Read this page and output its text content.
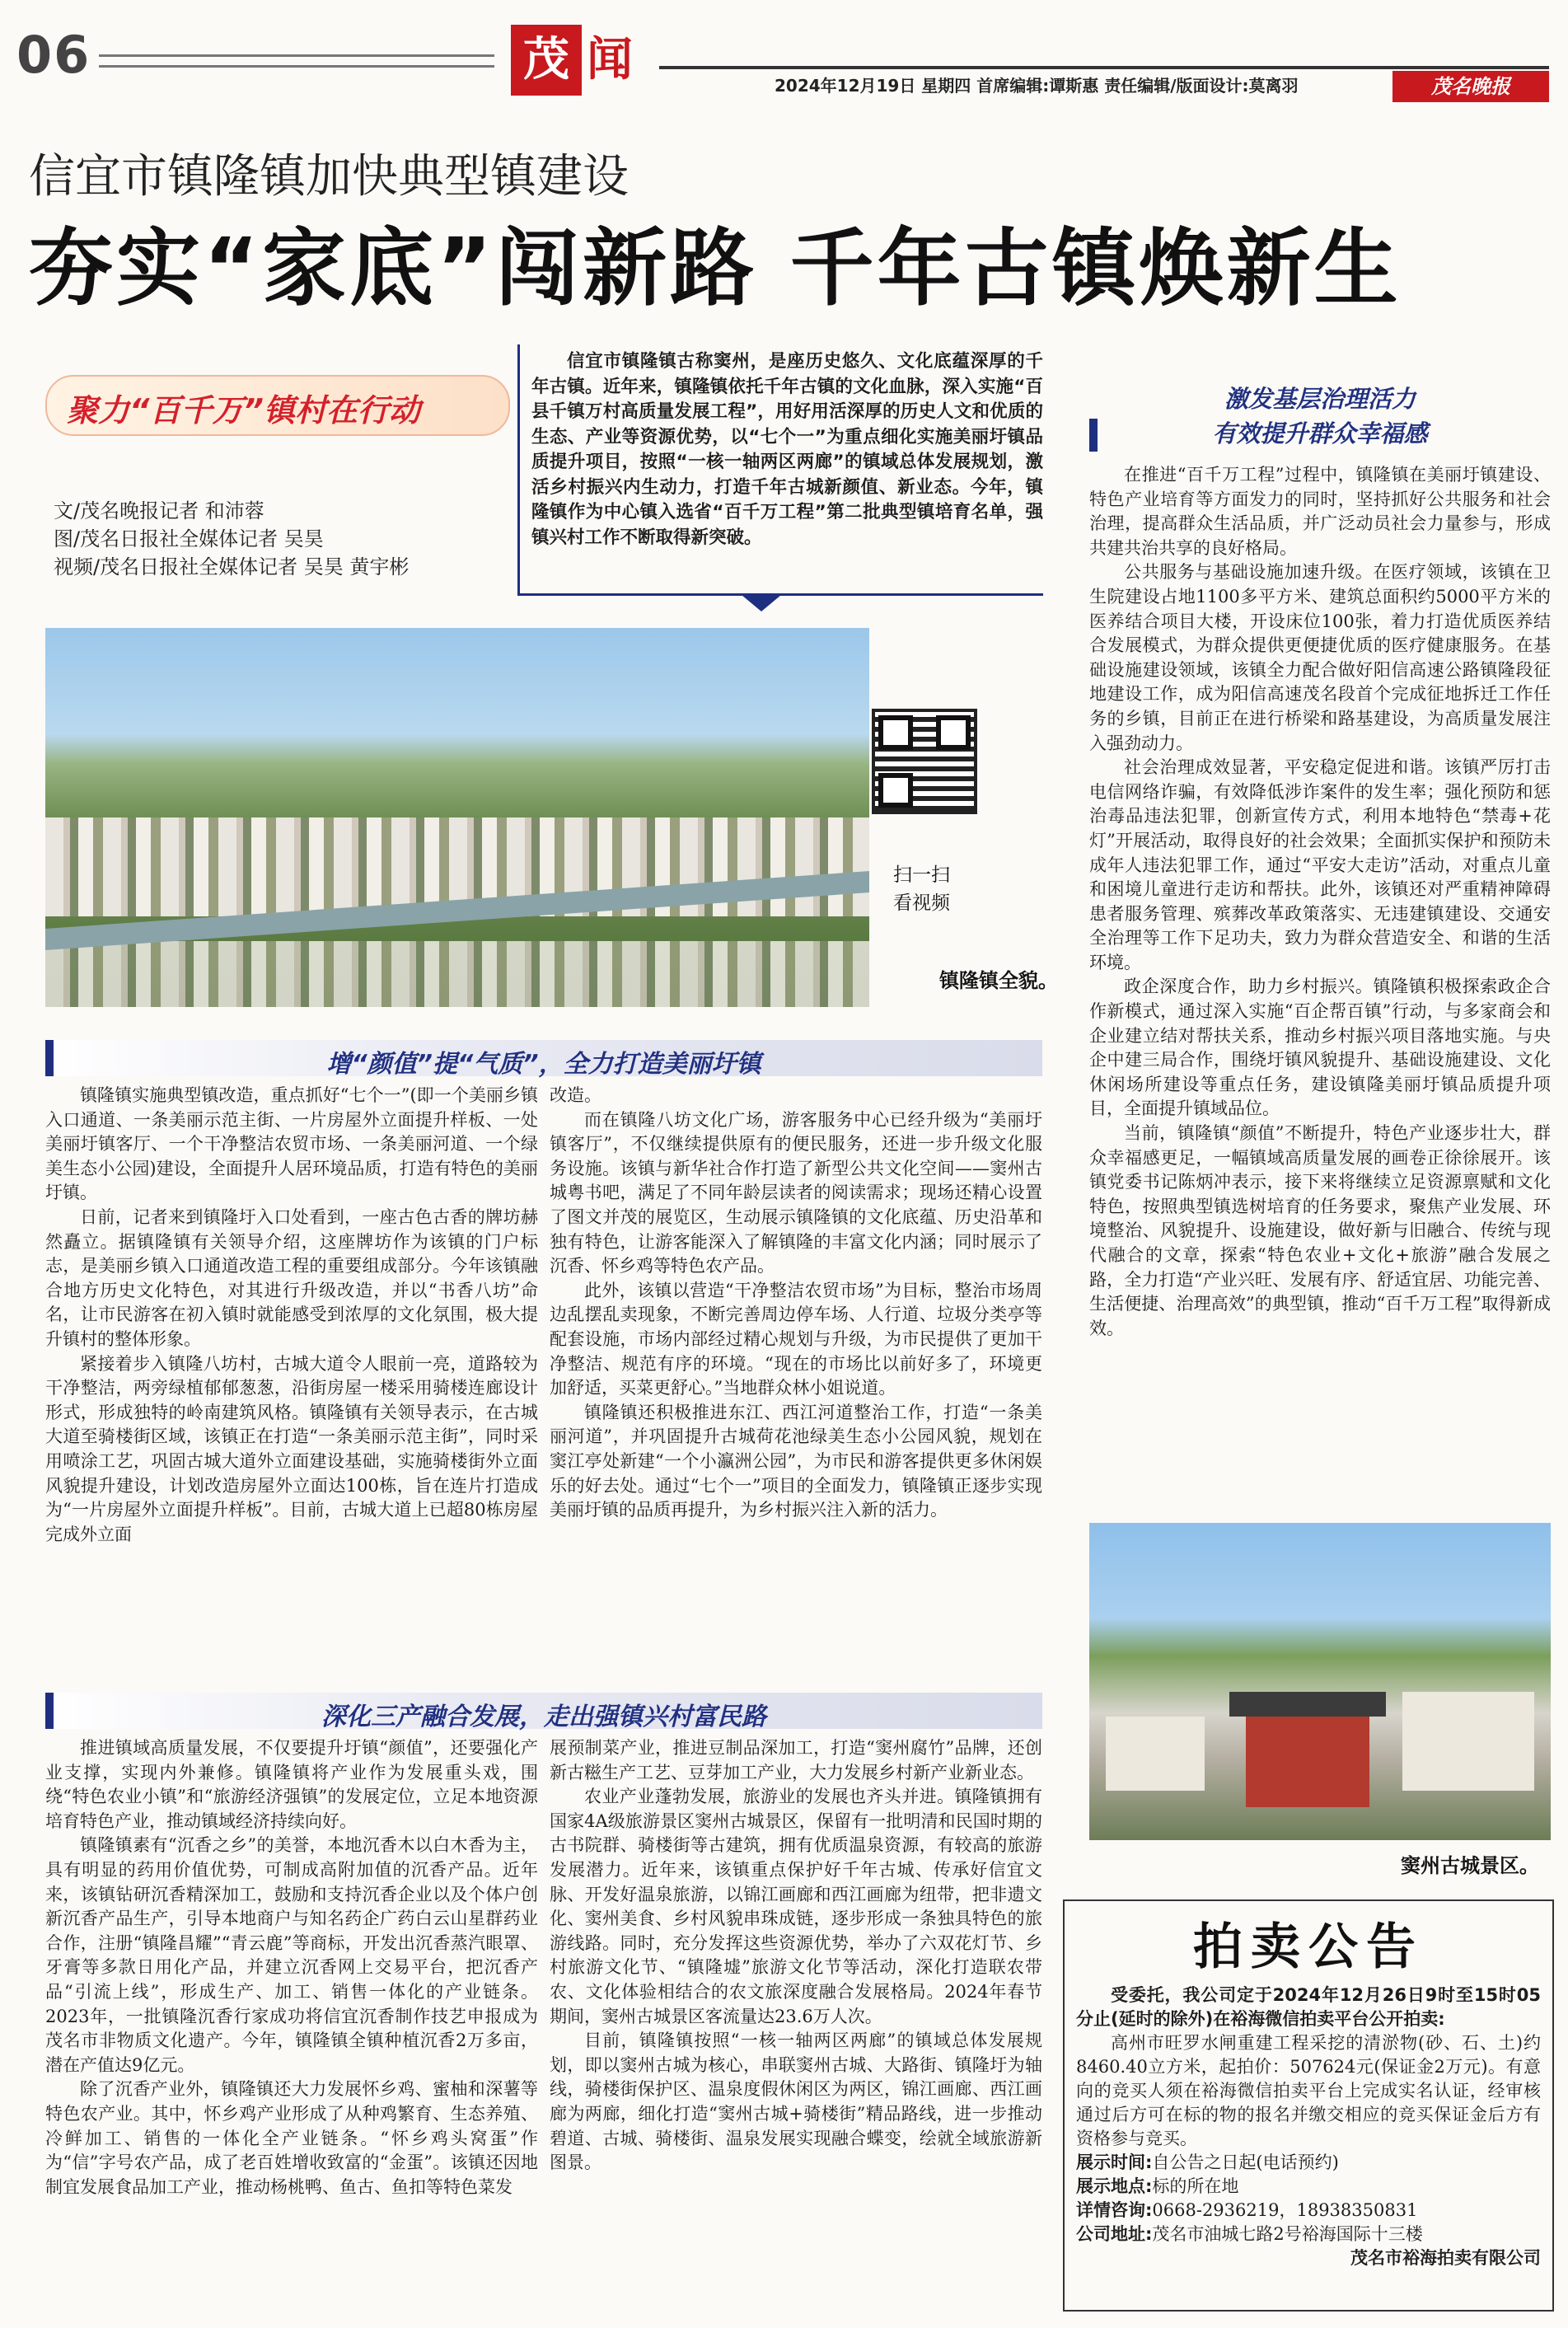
06	茂 闻	2024年12月19日 星期四 首席编辑:谭斯惠 责任编辑/版面设计:莫离羽	茂名晚报
信宜市镇隆镇加快典型镇建设
夯实“家底”闯新路 千年古镇焕新生
聚力“百千万”镇村在行动
文/茂名晚报记者 和沛蓉
图/茂名日报社全媒体记者 吴昊
视频/茂名日报社全媒体记者 吴昊 黄宇彬

信宜市镇隆镇古称窦州，是座历史悠久、文化底蕴深厚的千年古镇。近年来，镇隆镇依托千年古镇的文化血脉，深入实施“百县千镇万村高质量发展工程”，用好用活深厚的历史人文和优质的生态、产业等资源优势，以“七个一”为重点细化实施美丽圩镇品质提升项目，按照“一核一轴两区两廊”的镇域总体发展规划，激活乡村振兴内生动力，打造千年古城新颜值、新业态。今年，镇隆镇作为中心镇入选省“百千万工程”第二批典型镇培育名单，强镇兴村工作不断取得新突破。

镇隆镇全貌。
扫一扫
看视频
增“颜值”提“气质”，全力打造美丽圩镇

镇隆镇实施典型镇改造，重点抓好“七个一”(即一个美丽乡镇入口通道、一条美丽示范主街、一片房屋外立面提升样板、一处美丽圩镇客厅、一个干净整洁农贸市场、一条美丽河道、一个绿美生态小公园)建设，全面提升人居环境品质，打造有特色的美丽圩镇。

日前，记者来到镇隆圩入口处看到，一座古色古香的牌坊赫然矗立。据镇隆镇有关领导介绍，这座牌坊作为该镇的门户标志，是美丽乡镇入口通道改造工程的重要组成部分。今年该镇融合地方历史文化特色，对其进行升级改造，并以“书香八坊”命名，让市民游客在初入镇时就能感受到浓厚的文化氛围，极大提升镇村的整体形象。

紧接着步入镇隆八坊村，古城大道令人眼前一亮，道路较为干净整洁，两旁绿植郁郁葱葱，沿街房屋一楼采用骑楼连廊设计形式，形成独特的岭南建筑风格。镇隆镇有关领导表示，在古城大道至骑楼街区域，该镇正在打造“一条美丽示范主街”，同时采用喷涂工艺，巩固古城大道外立面建设基础，实施骑楼街外立面风貌提升建设，计划改造房屋外立面达100栋，旨在连片打造成为“一片房屋外立面提升样板”。目前，古城大道上已超80栋房屋完成外立面

改造。

而在镇隆八坊文化广场，游客服务中心已经升级为“美丽圩镇客厅”，不仅继续提供原有的便民服务，还进一步升级文化服务设施。该镇与新华社合作打造了新型公共文化空间——窦州古城粤书吧，满足了不同年龄层读者的阅读需求；现场还精心设置了图文并茂的展览区，生动展示镇隆镇的文化底蕴、历史沿革和独有特色，让游客能深入了解镇隆的丰富文化内涵；同时展示了沉香、怀乡鸡等特色农产品。

此外，该镇以营造“干净整洁农贸市场”为目标，整治市场周边乱摆乱卖现象，不断完善周边停车场、人行道、垃圾分类亭等配套设施，市场内部经过精心规划与升级，为市民提供了更加干净整洁、规范有序的环境。“现在的市场比以前好多了，环境更加舒适，买菜更舒心。”当地群众林小姐说道。

镇隆镇还积极推进东江、西江河道整治工作，打造“一条美丽河道”，并巩固提升古城荷花池绿美生态小公园风貌，规划在窦江亭处新建“一个小瀛洲公园”，为市民和游客提供更多休闲娱乐的好去处。通过“七个一”项目的全面发力，镇隆镇正逐步实现美丽圩镇的品质再提升，为乡村振兴注入新的活力。

深化三产融合发展，走出强镇兴村富民路

推进镇域高质量发展，不仅要提升圩镇“颜值”，还要强化产业支撑，实现内外兼修。镇隆镇将产业作为发展重头戏，围绕“特色农业小镇”和“旅游经济强镇”的发展定位，立足本地资源培育特色产业，推动镇域经济持续向好。

镇隆镇素有“沉香之乡”的美誉，本地沉香木以白木香为主，具有明显的药用价值优势，可制成高附加值的沉香产品。近年来，该镇钻研沉香精深加工，鼓励和支持沉香企业以及个体户创新沉香产品生产，引导本地商户与知名药企广药白云山星群药业合作，注册“镇隆昌耀”“青云鹿”等商标，开发出沉香蒸汽眼罩、牙膏等多款日用化产品，并建立沉香网上交易平台，把沉香产品“引流上线”，形成生产、加工、销售一体化的产业链条。2023年，一批镇隆沉香行家成功将信宜沉香制作技艺申报成为茂名市非物质文化遗产。今年，镇隆镇全镇种植沉香2万多亩，潜在产值达9亿元。

除了沉香产业外，镇隆镇还大力发展怀乡鸡、蜜柚和深薯等特色农产业。其中，怀乡鸡产业形成了从种鸡繁育、生态养殖、冷鲜加工、销售的一体化全产业链条。“怀乡鸡头窝蛋”作为“信”字号农产品，成了老百姓增收致富的“金蛋”。该镇还因地制宜发展食品加工产业，推动杨桃鸭、鱼古、鱼扣等特色菜发

展预制菜产业，推进豆制品深加工，打造“窦州腐竹”品牌，还创新古糍生产工艺、豆芽加工产业，大力发展乡村新产业新业态。

农业产业蓬勃发展，旅游业的发展也齐头并进。镇隆镇拥有国家4A级旅游景区窦州古城景区，保留有一批明清和民国时期的古书院群、骑楼街等古建筑，拥有优质温泉资源，有较高的旅游发展潜力。近年来，该镇重点保护好千年古城、传承好信宜文脉、开发好温泉旅游，以锦江画廊和西江画廊为纽带，把非遗文化、窦州美食、乡村风貌串珠成链，逐步形成一条独具特色的旅游线路。同时，充分发挥这些资源优势，举办了六双花灯节、乡村旅游文化节、“镇隆墟”旅游文化节等活动，深化打造联农带农、文化体验相结合的农文旅深度融合发展格局。2024年春节期间，窦州古城景区客流量达23.6万人次。

目前，镇隆镇按照“一核一轴两区两廊”的镇域总体发展规划，即以窦州古城为核心，串联窦州古城、大路街、镇隆圩为轴线，骑楼街保护区、温泉度假休闲区为两区，锦江画廊、西江画廊为两廊，细化打造“窦州古城+骑楼街”精品路线，进一步推动碧道、古城、骑楼街、温泉发展实现融合蝶变，绘就全域旅游新图景。

激发基层治理活力
有效提升群众幸福感

在推进“百千万工程”过程中，镇隆镇在美丽圩镇建设、特色产业培育等方面发力的同时，坚持抓好公共服务和社会治理，提高群众生活品质，并广泛动员社会力量参与，形成共建共治共享的良好格局。

公共服务与基础设施加速升级。在医疗领域，该镇在卫生院建设占地1100多平方米、建筑总面积约5000平方米的医养结合项目大楼，开设床位100张，着力打造优质医养结合发展模式，为群众提供更便捷优质的医疗健康服务。在基础设施建设领域，该镇全力配合做好阳信高速公路镇隆段征地建设工作，成为阳信高速茂名段首个完成征地拆迁工作任务的乡镇，目前正在进行桥梁和路基建设，为高质量发展注入强劲动力。

社会治理成效显著，平安稳定促进和谐。该镇严厉打击电信网络诈骗，有效降低涉诈案件的发生率；强化预防和惩治毒品违法犯罪，创新宣传方式，利用本地特色“禁毒+花灯”开展活动，取得良好的社会效果；全面抓实保护和预防未成年人违法犯罪工作，通过“平安大走访”活动，对重点儿童和困境儿童进行走访和帮扶。此外，该镇还对严重精神障碍患者服务管理、殡葬改革政策落实、无违建镇建设、交通安全治理等工作下足功夫，致力为群众营造安全、和谐的生活环境。

政企深度合作，助力乡村振兴。镇隆镇积极探索政企合作新模式，通过深入实施“百企帮百镇”行动，与多家商会和企业建立结对帮扶关系，推动乡村振兴项目落地实施。与央企中建三局合作，围绕圩镇风貌提升、基础设施建设、文化休闲场所建设等重点任务，建设镇隆美丽圩镇品质提升项目，全面提升镇域品位。

当前，镇隆镇“颜值”不断提升，特色产业逐步壮大，群众幸福感更足，一幅镇域高质量发展的画卷正徐徐展开。该镇党委书记陈炳冲表示，接下来将继续立足资源禀赋和文化特色，按照典型镇选树培育的任务要求，聚焦产业发展、环境整治、风貌提升、设施建设，做好新与旧融合、传统与现代融合的文章，探索“特色农业+文化+旅游”融合发展之路，全力打造“产业兴旺、发展有序、舒适宜居、功能完善、生活便捷、治理高效”的典型镇，推动“百千万工程”取得新成效。

窦州古城景区。
拍卖公告

受委托，我公司定于2024年12月26日9时至15时05分止(延时的除外)在裕海微信拍卖平台公开拍卖:

高州市旺罗水闸重建工程采挖的清淤物(砂、石、土)约8460.40立方米，起拍价：507624元(保证金2万元)。有意向的竞买人须在裕海微信拍卖平台上完成实名认证，经审核通过后方可在标的物的报名并缴交相应的竞买保证金后方有资格参与竞买。

展示时间:自公告之日起(电话预约)
展示地点:标的所在地
详情咨询:0668-2936219，18938350831
公司地址:茂名市油城七路2号裕海国际十三楼
茂名市裕海拍卖有限公司
